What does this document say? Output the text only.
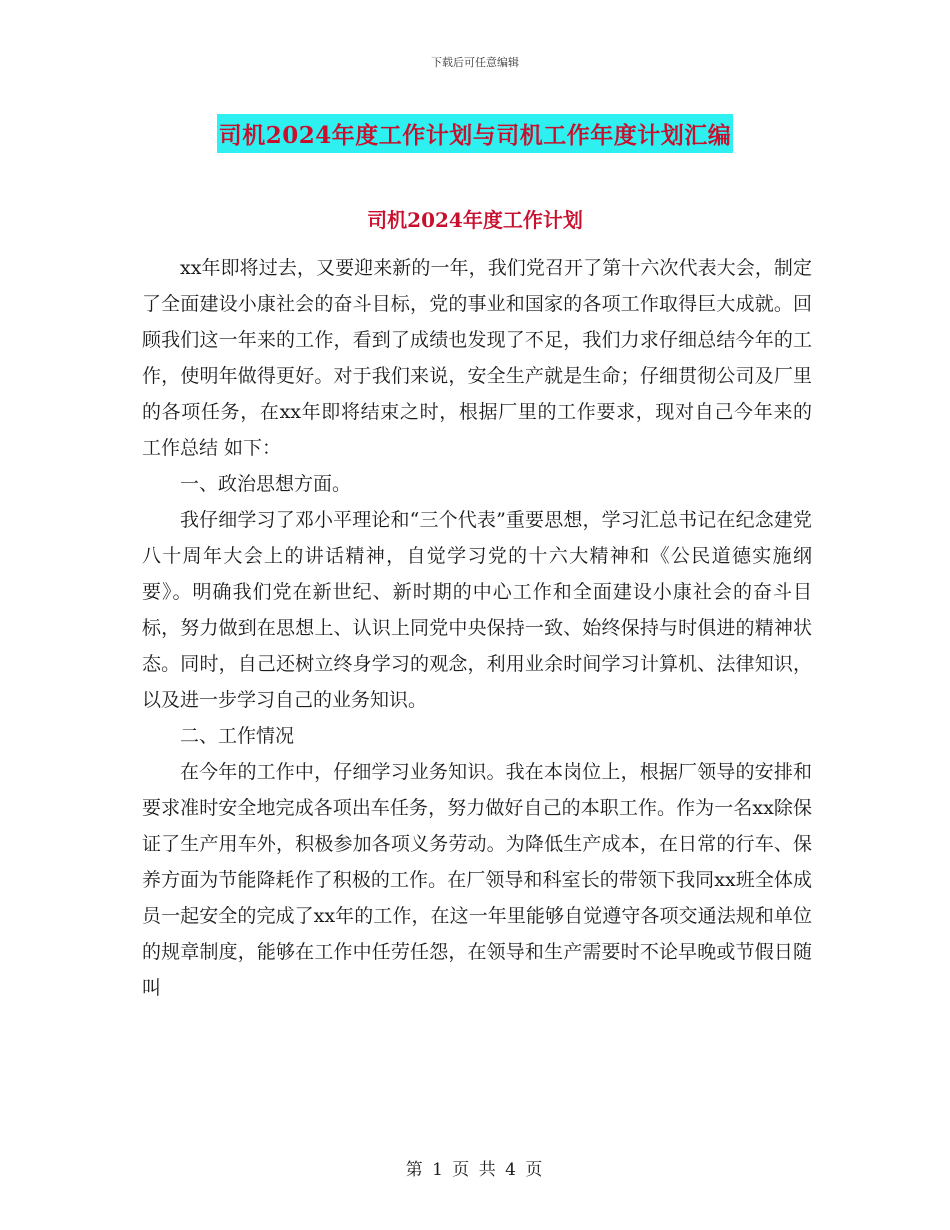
下载后可任意编辑
司机2024年度工作计划与司机工作年度计划汇编
司机2024年度工作计划

xx年即将过去，又要迎来新的一年，我们党召开了第十六次代表大会，制定了全面建设小康社会的奋斗目标，党的事业和国家的各项工作取得巨大成就。回顾我们这一年来的工作，看到了成绩也发现了不足，我们力求仔细总结今年的工作，使明年做得更好。对于我们来说，安全生产就是生命；仔细贯彻公司及厂里的各项任务，在xx年即将结束之时，根据厂里的工作要求，现对自己今年来的 工作总结 如下：

一、政治思想方面。

我仔细学习了邓小平理论和“三个代表”重要思想，学习汇总书记在纪念建党八十周年大会上的讲话精神，自觉学习党的十六大精神和《公民道德实施纲要》。明确我们党在新世纪、新时期的中心工作和全面建设小康社会的奋斗目标，努力做到在思想上、认识上同党中央保持一致、始终保持与时俱进的精神状态。同时，自己还树立终身学习的观念，利用业余时间学习计算机、法律知识，以及进一步学习自己的业务知识。

二、工作情况

在今年的工作中，仔细学习业务知识。我在本岗位上，根据厂领导的安排和要求准时安全地完成各项出车任务，努力做好自己的本职工作。作为一名xx除保证了生产用车外，积极参加各项义务劳动。为降低生产成本，在日常的行车、保养方面为节能降耗作了积极的工作。在厂领导和科室长的带领下我同xx班全体成员一起安全的完成了xx年的工作，在这一年里能够自觉遵守各项交通法规和单位的规章制度，能够在工作中任劳任怨，在领导和生产需要时不论早晚或节假日随叫

第 1 页 共 4 页
